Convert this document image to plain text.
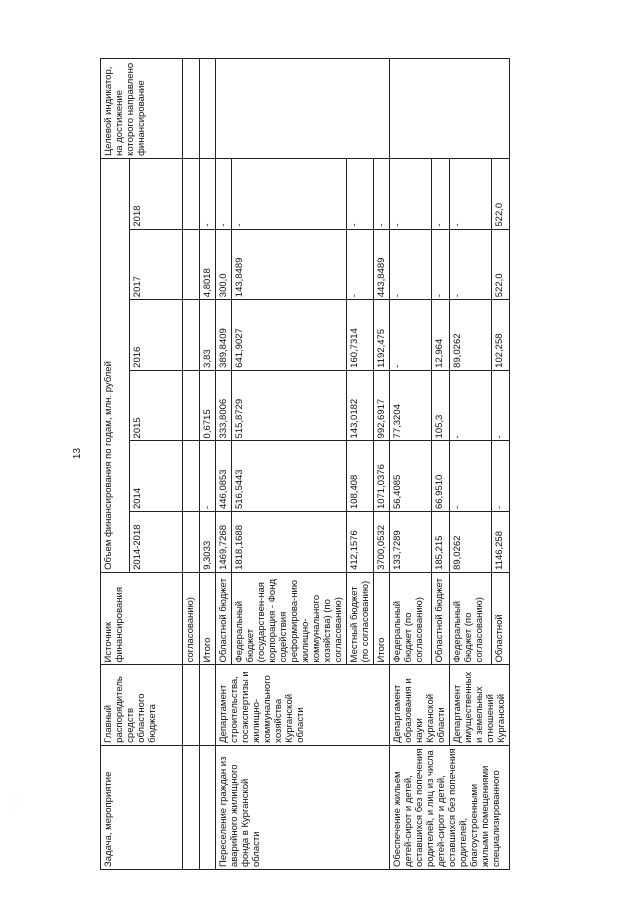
13
· · ·
· · · ·
· ·	Задача, мероприятие	Главный распорядитель средств областного бюджета	Источник финансирования	Объем финансирования по годам, млн. рублей						Целевой индикатор, на достижение которого направлено финансирование
			2014-2018	2014	2015	2016	2017	2018	
		согласованию)							
		Итого	9,3033	-	0,6715	3,83	4,8018	-	
Переселение граждан из аварийного жилищного фонда в Курганской области	Департамент строительства, госэкспертизы и жилищно-коммунального хозяйства Курганской области	Областной бюджет	1469,7268	446,0853	333,8006	389,8409	300,0	-	
		Федеральный бюджет (государствен-ная корпорация - Фонд содействия реформирова-нию жилищно-коммунального хозяйства) (по согласованию)	1818,1688	516,5443	515,8729	641,9027	143,8489	-	
		Местный бюджет (по согласованию)	412,1576	108,408	143,0182	160,7314	-	-	
		Итого	3700,0532	1071,0376	992,6917	1192,475	443,8489	-	
Обеспечение жильем детей-сирот и детей, оставшихся без попечения родителей, и лиц из числа детей-сирот и детей, оставшихся без попечения родителей, благоустроенными жилыми помещениями специализированного	Департамент образования и науки Курганской области	Федеральный бюджет (по согласованию)	133,7289	56,4085	77,3204	-	-	-	
		Областной бюджет	185,215	66,9510	105,3	12,964	-	-	
	Департамент имущественных и земельных отношений Курганской	Федеральный бюджет (по согласованию)	89,0262	-	-	89,0262	-	-	
		Областной	1146,258	-	-	102,258	522,0	522,0	
